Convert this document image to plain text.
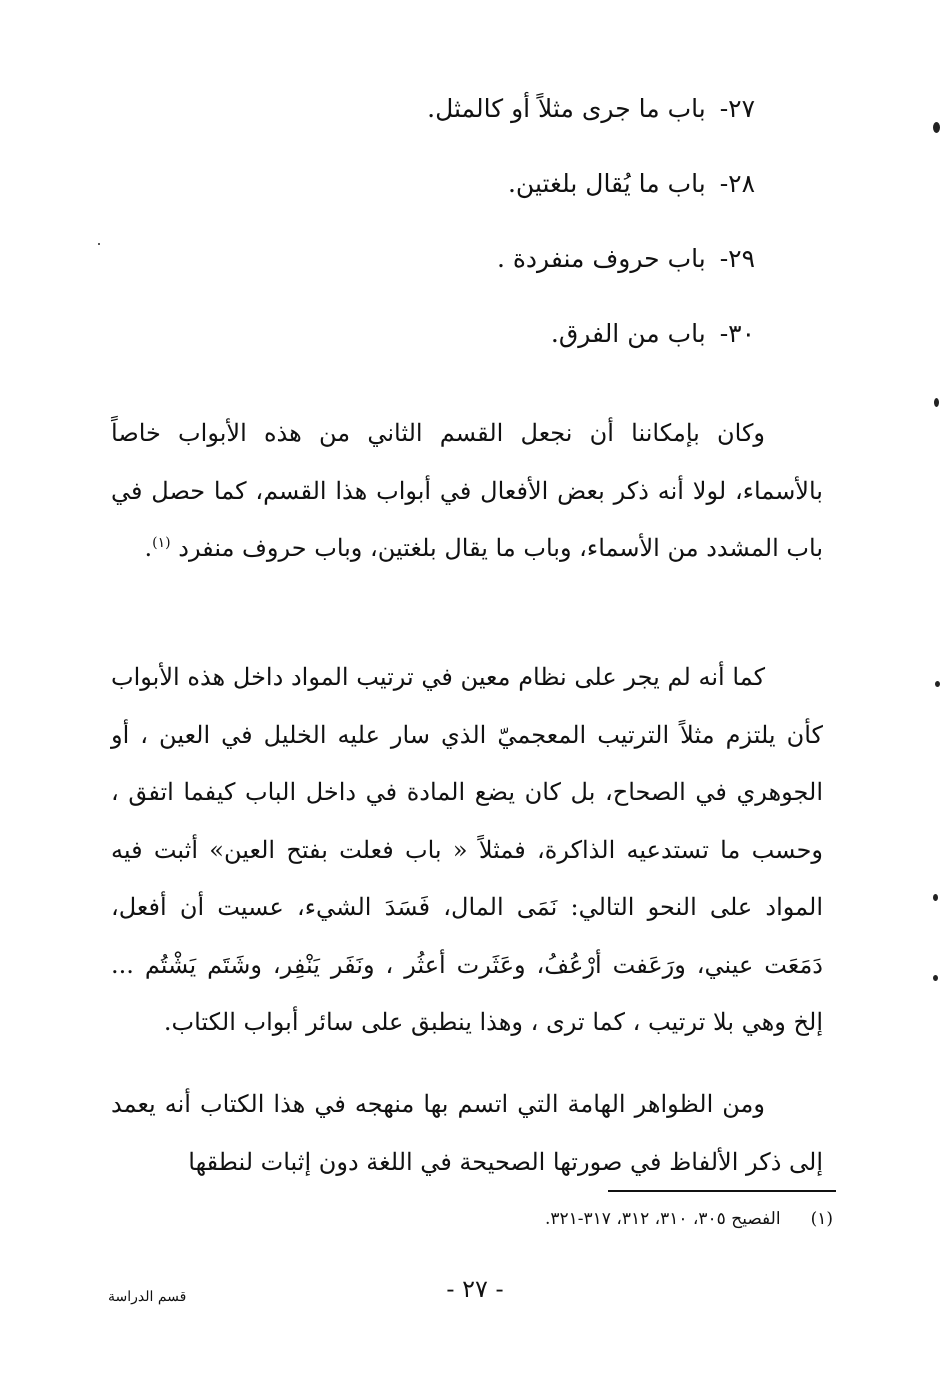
٢٧-باب ما جرى مثلاً أو كالمثل.
٢٨-باب ما يُقال بلغتين.
٢٩-باب حروف منفردة .
٣٠-باب من الفرق.

وكان بإمكاننا أن نجعل القسم الثاني من هذه الأبواب خاصاً بالأسماء، لولا أنه ذكر بعض الأفعال في أبواب هذا القسم، كما حصل في باب المشدد من الأسماء، وباب ما يقال بلغتين، وباب حروف منفرد $^{(١)}$.

كما أنه لم يجر على نظام معين في ترتيب المواد داخل هذه الأبواب كأن يلتزم مثلاً الترتيب المعجميّ الذي سار عليه الخليل في العين ، أو الجوهري في الصحاح، بل كان يضع المادة في داخل الباب كيفما اتفق ، وحسب ما تستدعيه الذاكرة، فمثلاً « باب فعلت بفتح العين» أثبت فيه المواد على النحو التالي: نَمَى المال، فَسَدَ الشيء، عسيت أن أفعل، دَمَعَت عيني، ورَعَفت أرْعُفُ، وعَثَرت أعثُر ، ونَفَر يَنْفِر، وشَتَم يَشْتُم ... إلخ وهي بلا ترتيب ، كما ترى ، وهذا ينطبق على سائر أبواب الكتاب.

ومن الظواهر الهامة التي اتسم بها منهجه في هذا الكتاب أنه يعمد إلى ذكر الألفاظ في صورتها الصحيحة في اللغة دون إثبات لنطقها

(١)الفصيح ٣٠٥، ٣١٠، ٣١٢، ٣١٧-٣٢١.
- ٢٧ -
قسم الدراسة
